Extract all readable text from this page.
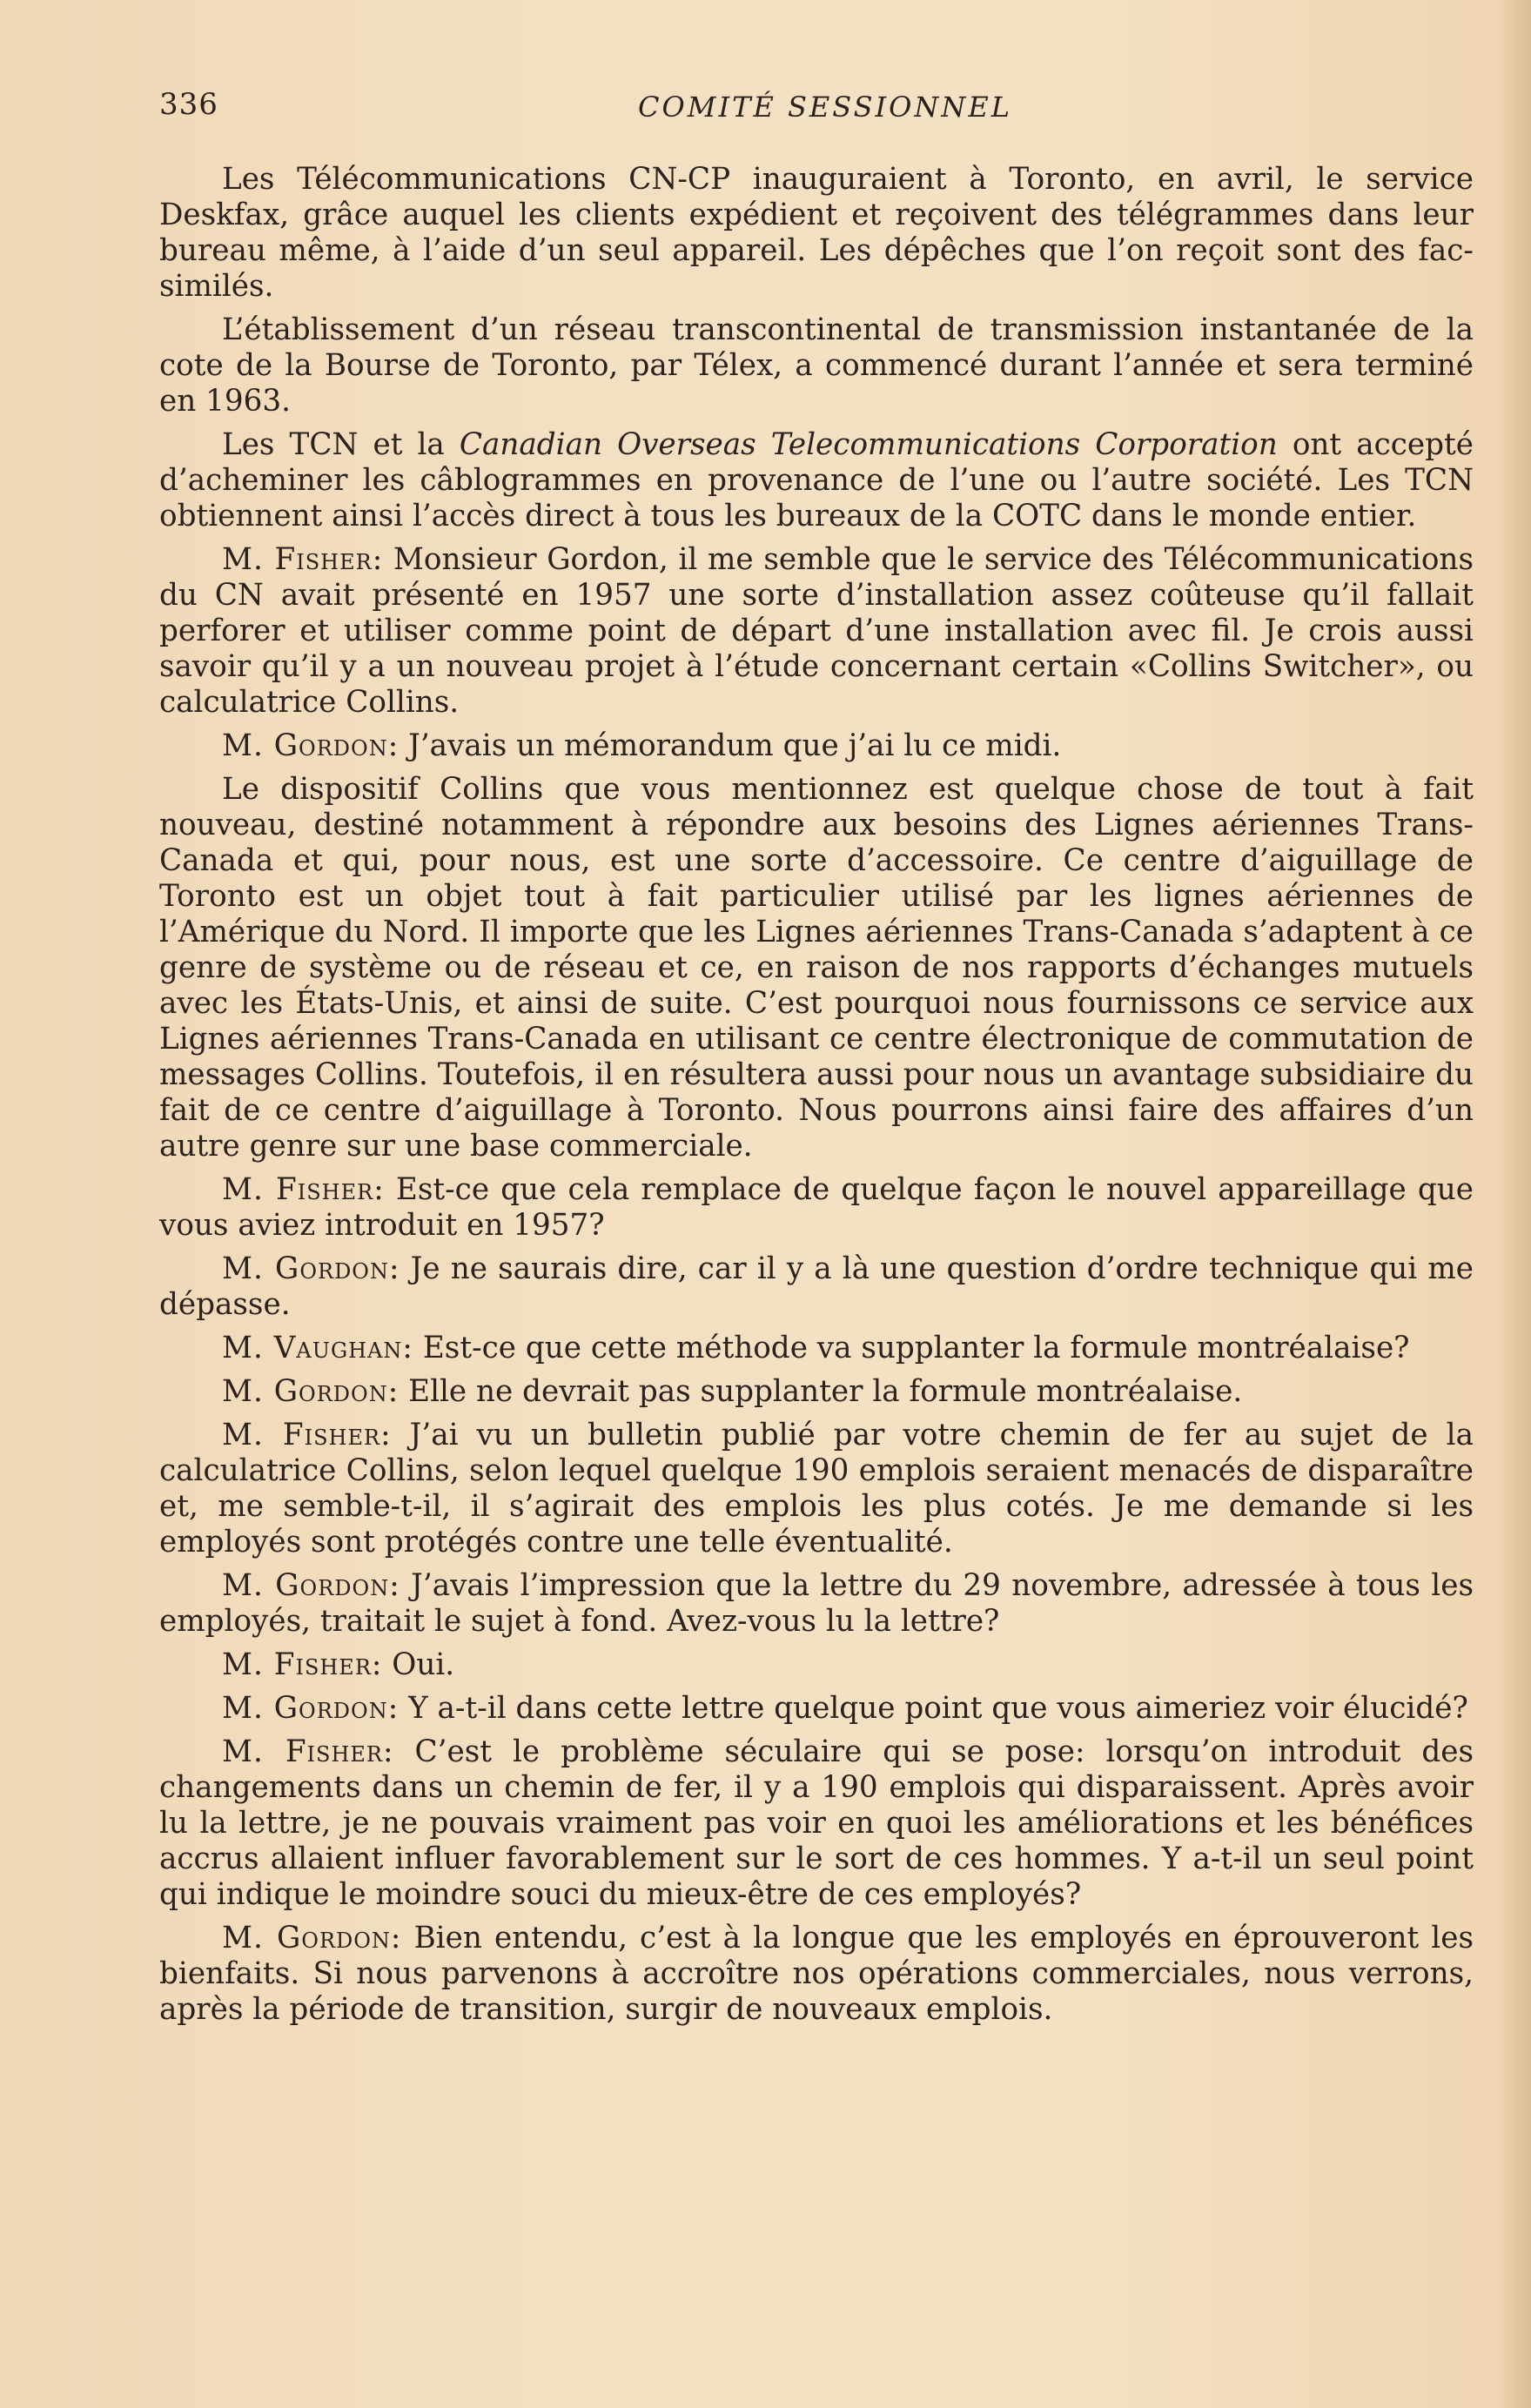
336	COMITÉ SESSIONNEL

Les Télécommunications CN-CP inauguraient à Toronto, en avril, le service Deskfax, grâce auquel les clients expédient et reçoivent des télégrammes dans leur bureau même, à l’aide d’un seul appareil. Les dépêches que l’on reçoit sont des fac-similés.

L’établissement d’un réseau transcontinental de transmission instantanée de la cote de la Bourse de Toronto, par Télex, a commencé durant l’année et sera terminé en 1963.

Les TCN et la Canadian Overseas Telecommunications Corporation ont accepté d’acheminer les câblogrammes en provenance de l’une ou l’autre société. Les TCN obtiennent ainsi l’accès direct à tous les bureaux de la COTC dans le monde entier.

M. Fisher: Monsieur Gordon, il me semble que le service des Télécommunications du CN avait présenté en 1957 une sorte d’installation assez coûteuse qu’il fallait perforer et utiliser comme point de départ d’une installation avec fil. Je crois aussi savoir qu’il y a un nouveau projet à l’étude concernant certain «Collins Switcher», ou calculatrice Collins.

M. Gordon: J’avais un mémorandum que j’ai lu ce midi.

Le dispositif Collins que vous mentionnez est quelque chose de tout à fait nouveau, destiné notamment à répondre aux besoins des Lignes aériennes Trans-Canada et qui, pour nous, est une sorte d’accessoire. Ce centre d’aiguillage de Toronto est un objet tout à fait particulier utilisé par les lignes aériennes de l’Amérique du Nord. Il importe que les Lignes aériennes Trans-Canada s’adaptent à ce genre de système ou de réseau et ce, en raison de nos rapports d’échanges mutuels avec les États-Unis, et ainsi de suite. C’est pourquoi nous fournissons ce service aux Lignes aériennes Trans-Canada en utilisant ce centre électronique de commutation de messages Collins. Toutefois, il en résultera aussi pour nous un avantage subsidiaire du fait de ce centre d’aiguillage à Toronto. Nous pourrons ainsi faire des affaires d’un autre genre sur une base commerciale.

M. Fisher: Est-ce que cela remplace de quelque façon le nouvel appareillage que vous aviez introduit en 1957?

M. Gordon: Je ne saurais dire, car il y a là une question d’ordre technique qui me dépasse.

M. Vaughan: Est-ce que cette méthode va supplanter la formule montréalaise?

M. Gordon: Elle ne devrait pas supplanter la formule montréalaise.

M. Fisher: J’ai vu un bulletin publié par votre chemin de fer au sujet de la calculatrice Collins, selon lequel quelque 190 emplois seraient menacés de disparaître et, me semble-t-il, il s’agirait des emplois les plus cotés. Je me demande si les employés sont protégés contre une telle éventualité.

M. Gordon: J’avais l’impression que la lettre du 29 novembre, adressée à tous les employés, traitait le sujet à fond. Avez-vous lu la lettre?

M. Fisher: Oui.

M. Gordon: Y a-t-il dans cette lettre quelque point que vous aimeriez voir élucidé?

M. Fisher: C’est le problème séculaire qui se pose: lorsqu’on introduit des changements dans un chemin de fer, il y a 190 emplois qui disparaissent. Après avoir lu la lettre, je ne pouvais vraiment pas voir en quoi les améliorations et les bénéfices accrus allaient influer favorablement sur le sort de ces hommes. Y a-t-il un seul point qui indique le moindre souci du mieux-être de ces employés?

M. Gordon: Bien entendu, c’est à la longue que les employés en éprouveront les bienfaits. Si nous parvenons à accroître nos opérations commerciales, nous verrons, après la période de transition, surgir de nouveaux emplois.
